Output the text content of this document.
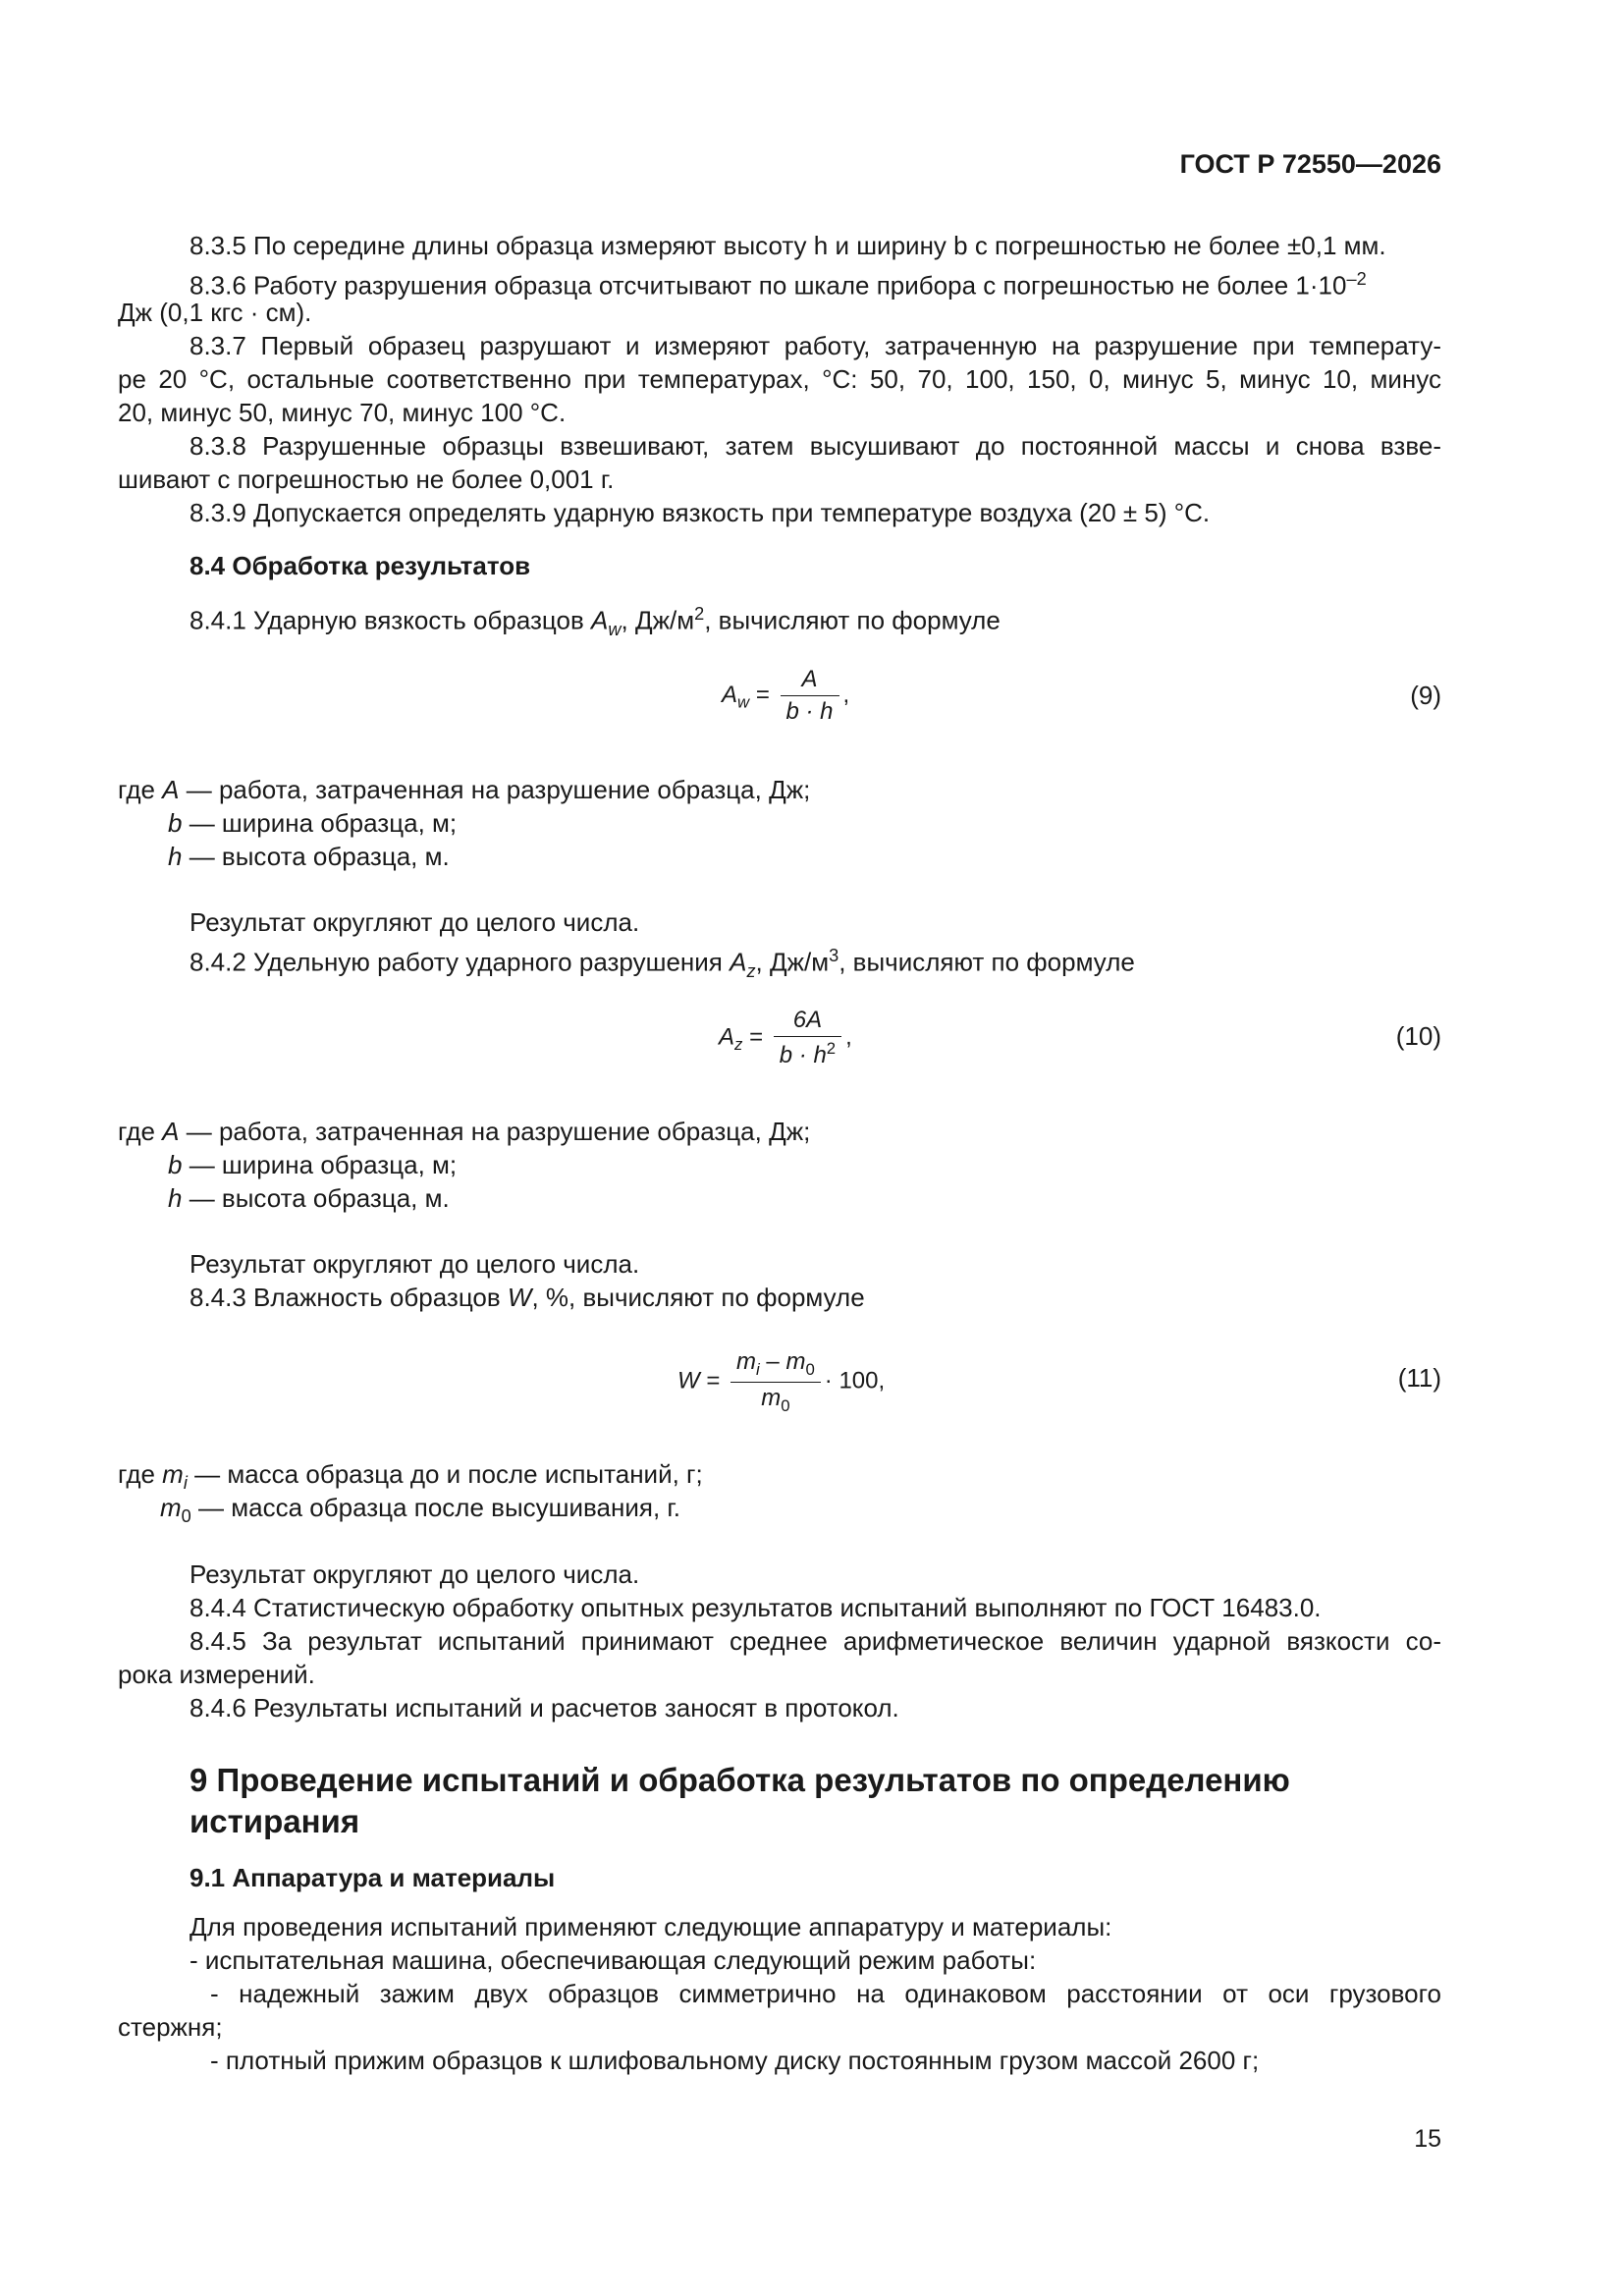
ГОСТ Р 72550—2026
8.3.5 По середине длины образца измеряют высоту h и ширину b с погрешностью не более ±0,1 мм.
8.3.6 Работу разрушения образца отсчитывают по шкале прибора с погрешностью не более $1\cdot 10^{-2}$
Дж (0,1 кгс · см).
8.3.7 Первый образец разрушают и измеряют работу, затраченную на разрушение при температу-
ре 20 °С, остальные соответственно при температурах, °С: 50, 70, 100, 150, 0, минус 5, минус 10, минус
20, минус 50, минус 70, минус 100 °С.
8.3.8 Разрушенные образцы взвешивают, затем высушивают до постоянной массы и снова взве-
шивают с погрешностью не более 0,001 г.
8.3.9 Допускается определять ударную вязкость при температуре воздуха (20 ± 5) °С.
8.4 Обработка результатов
8.4.1 Ударную вязкость образцов $A_w$, $Дж/м^2$, вычисляют по формуле
$A_w = \frac{A}{b \cdot h}$ ,	(9)
где A — работа, затраченная на разрушение образца, Дж;
b — ширина образца, м;
h — высота образца, м.
Результат округляют до целого числа.
8.4.2 Удельную работу ударного разрушения $A_z$, $Дж/м^3$, вычисляют по формуле
$A_z = \frac{6A}{b \cdot h^2}$ ,	(10)
где A — работа, затраченная на разрушение образца, Дж;
b — ширина образца, м;
h — высота образца, м.
Результат округляют до целого числа.
8.4.3 Влажность образцов W, %, вычисляют по формуле
$W = \frac{m_i - m_0}{m_0} \cdot 100$,	(11)
где $m_i$ — масса образца до и после испытаний, г;
$m_0$ — масса образца после высушивания, г.
Результат округляют до целого числа.
8.4.4 Статистическую обработку опытных результатов испытаний выполняют по ГОСТ 16483.0.
8.4.5 За результат испытаний принимают среднее арифметическое величин ударной вязкости со-
рока измерений.
8.4.6 Результаты испытаний и расчетов заносят в протокол.
9 Проведение испытаний и обработка результатов по определению
истирания
9.1 Аппаратура и материалы
Для проведения испытаний применяют следующие аппаратуру и материалы:
- испытательная машина, обеспечивающая следующий режим работы:
- надежный зажим двух образцов симметрично на одинаковом расстоянии от оси грузового
стержня;
- плотный прижим образцов к шлифовальному диску постоянным грузом массой 2600 г;
15
